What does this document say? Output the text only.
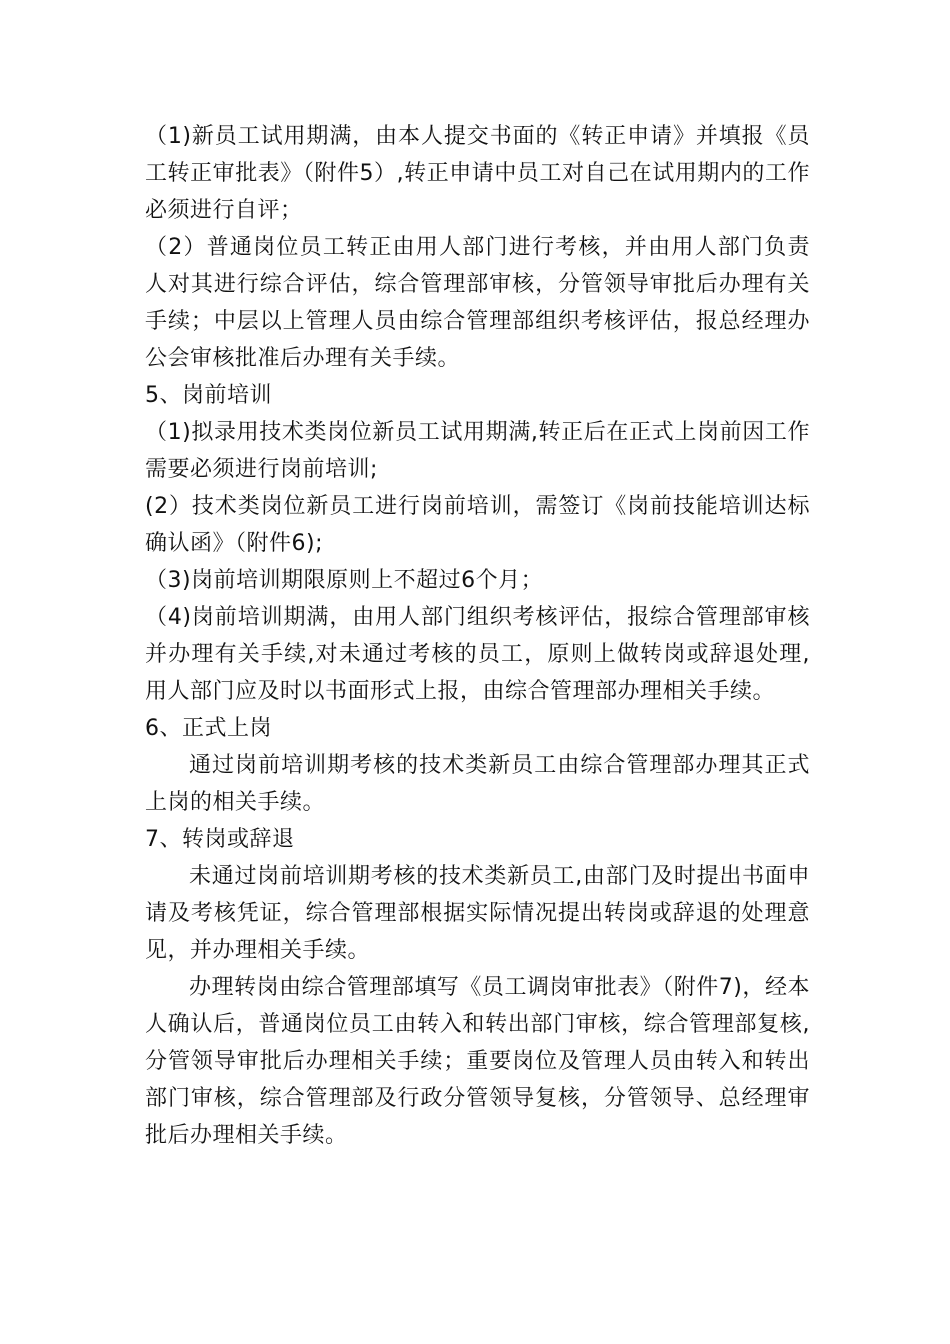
（1)新员工试用期满，由本人提交书面的《转正申请》并填报《员工转正审批表》（附件5）,转正申请中员工对自己在试用期内的工作必须进行自评；

（2）普通岗位员工转正由用人部门进行考核，并由用人部门负责人对其进行综合评估，综合管理部审核，分管领导审批后办理有关手续；中层以上管理人员由综合管理部组织考核评估，报总经理办公会审核批准后办理有关手续。

5、岗前培训

（1)拟录用技术类岗位新员工试用期满,转正后在正式上岗前因工作需要必须进行岗前培训;

(2）技术类岗位新员工进行岗前培训，需签订《岗前技能培训达标确认函》（附件6);

（3)岗前培训期限原则上不超过6个月；

（4)岗前培训期满，由用人部门组织考核评估，报综合管理部审核并办理有关手续,对未通过考核的员工，原则上做转岗或辞退处理,用人部门应及时以书面形式上报，由综合管理部办理相关手续。

6、正式上岗

通过岗前培训期考核的技术类新员工由综合管理部办理其正式上岗的相关手续。

7、转岗或辞退

未通过岗前培训期考核的技术类新员工,由部门及时提出书面申请及考核凭证，综合管理部根据实际情况提出转岗或辞退的处理意见，并办理相关手续。

办理转岗由综合管理部填写《员工调岗审批表》（附件7)，经本人确认后，普通岗位员工由转入和转出部门审核，综合管理部复核,分管领导审批后办理相关手续；重要岗位及管理人员由转入和转出部门审核，综合管理部及行政分管领导复核，分管领导、总经理审批后办理相关手续。
